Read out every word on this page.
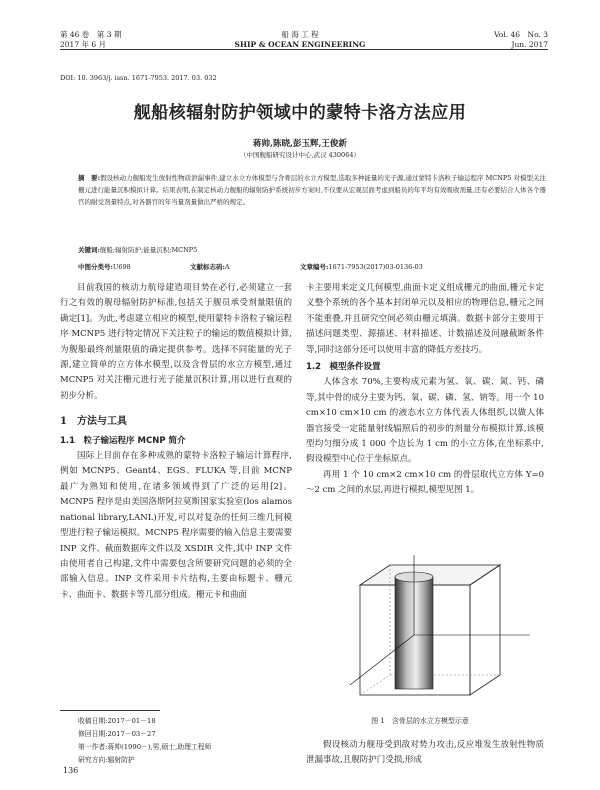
第 46 卷　第 3 期
2017 年 6 月
船 海 工 程
SHIP & OCEAN ENGINEERING
Vol. 46　No. 3
Jun. 2017
DOI: 10. 3963/j. issn. 1671-7953. 2017. 03. 032
舰船核辐射防护领域中的蒙特卡洛方法应用
蒋帅,陈晓,彭玉辉,王俊新
（中国舰船研究设计中心,武汉 430064）
摘　要:假设核动力舰船发生放射性物质泄漏事件,建立水立方体模型与含骨层的水立方模型,选取多种能量的光子源,通过蒙特卡洛粒子输运程序 MCNP5 对模型关注栅元进行能量沉积模拟计算。结果表明,在制定核动力舰船的辐射防护系统初步方案时,不仅要从宏观层面考虑到船员的年平均有效吸收剂量,还有必要结合人体各个器官的耐受剂量特点,对各器官的年当量剂量做出严格的规定。
关键词:舰船;辐射防护;能量沉积;MCNP5
中图分类号:U698	文献标志码:A	文章编号:1671-7953(2017)03-0136-03

目前我国的核动力航母建造项目势在必行,必须建立一套行之有效的舰母辐射防护标准,包括关于舰员承受剂量限值的确定[1]。为此,考虑建立相应的模型,使用蒙特卡洛粒子输运程序 MCNP5 进行特定情况下关注粒子的输运的数值模拟计算,为舰船最终剂量限值的确定提供参考。选择不同能量的光子源,建立简单的立方体水模型,以及含骨层的水立方模型,通过 MCNP5 对关注栅元进行光子能量沉积计算,用以进行直观的初步分析。

1　方法与工具

1.1　粒子输运程序 MCNP 简介

国际上目前存在多种成熟的蒙特卡洛粒子输运计算程序,例如 MCNP5、Geant4、EGS、FLUKA 等,目前 MCNP 最广为熟知和使用,在诸多领域得到了广泛的运用[2]。MCNP5 程序是由美国洛斯阿拉莫斯国家实验室(los alamos national library,LANL)开发,可以对复杂的任何三维几何模型进行粒子输运模拟。MCNP5 程序需要的输入信息主要需要 INP 文件、截面数据库文件以及 XSDIR 文件,其中 INP 文件由使用者自己构建,文件中需要包含所要研究问题的必须的全部输入信息。INP 文件采用卡片结构,主要由标题卡、栅元卡、曲面卡、数据卡等几部分组成。栅元卡和曲面

卡主要用来定义几何模型,曲面卡定义组成栅元的曲面,栅元卡定义整个系统的各个基本封闭单元以及相应的物理信息,栅元之间不能重叠,并且研究空间必须由栅元填满。数据卡部分主要用于描述问题类型、源描述、材料描述、计数描述及问融截断条件等,同时这部分还可以使用丰富的降低方差技巧。

1.2　模型条件设置

人体含水 70%,主要构成元素为氢、氧、碳、氮、钙、磷等,其中骨的成分主要为钙、氧、碳、磷、氢、钠等。用一个 10 cm×10 cm×10 cm 的液态水立方体代表人体组织,以做人体器官接受一定能量射线辐照后的初步的剂量分布模拟计算,该模型均匀细分成 1 000 个边长为 1 cm 的小立方体,在坐标系中,假设模型中心位于坐标原点。

再用 1 个 10 cm×2 cm×10 cm 的骨层取代立方体 Y=0～2 cm 之间的水层,再进行模拟,模型见图 1。

图 1　含骨层的水立方模型示意
假设核动力舰母受到敌对势力攻击,反应堆发生放射性物质泄漏事故,且舰防护门受损,形成
收稿日期:2017－01－18
修回日期:2017－03－27
第一作者:蒋帅(1990－),男,硕士,助理工程师
研究方向:辐射防护
136
